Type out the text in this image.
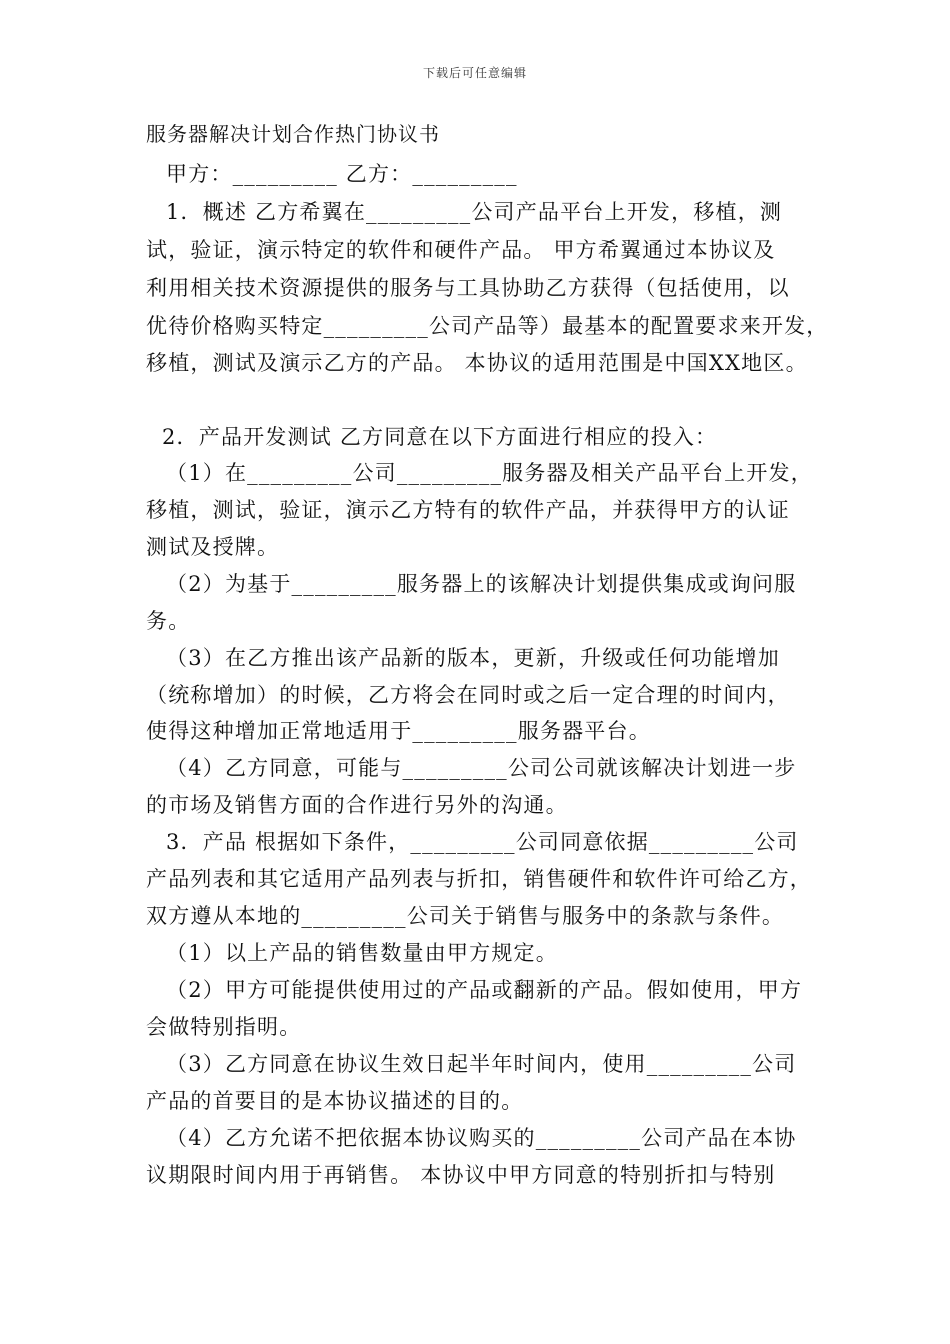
下载后可任意编辑
服务器解决计划合作热门协议书
甲方：_________ 乙方：_________
1．概述 乙方希翼在_________公司产品平台上开发，移植，测
试，验证，演示特定的软件和硬件产品。 甲方希翼通过本协议及
利用相关技术资源提供的服务与工具协助乙方获得（包括使用，以
优待价格购买特定_________公司产品等）最基本的配置要求来开发，
移植，测试及演示乙方的产品。 本协议的适用范围是中国XX地区。
2．产品开发测试 乙方同意在以下方面进行相应的投入：
（1）在_________公司_________服务器及相关产品平台上开发，
移植，测试，验证，演示乙方特有的软件产品，并获得甲方的认证
测试及授牌。
（2）为基于_________服务器上的该解决计划提供集成或询问服
务。
（3）在乙方推出该产品新的版本，更新，升级或任何功能增加
（统称增加）的时候，乙方将会在同时或之后一定合理的时间内，
使得这种增加正常地适用于_________服务器平台。
（4）乙方同意，可能与_________公司公司就该解决计划进一步
的市场及销售方面的合作进行另外的沟通。
3．产品 根据如下条件，_________公司同意依据_________公司
产品列表和其它适用产品列表与折扣，销售硬件和软件许可给乙方，
双方遵从本地的_________公司关于销售与服务中的条款与条件。
（1）以上产品的销售数量由甲方规定。
（2）甲方可能提供使用过的产品或翻新的产品。假如使用，甲方
会做特别指明。
（3）乙方同意在协议生效日起半年时间内，使用_________公司
产品的首要目的是本协议描述的目的。
（4）乙方允诺不把依据本协议购买的_________公司产品在本协
议期限时间内用于再销售。 本协议中甲方同意的特别折扣与特别
